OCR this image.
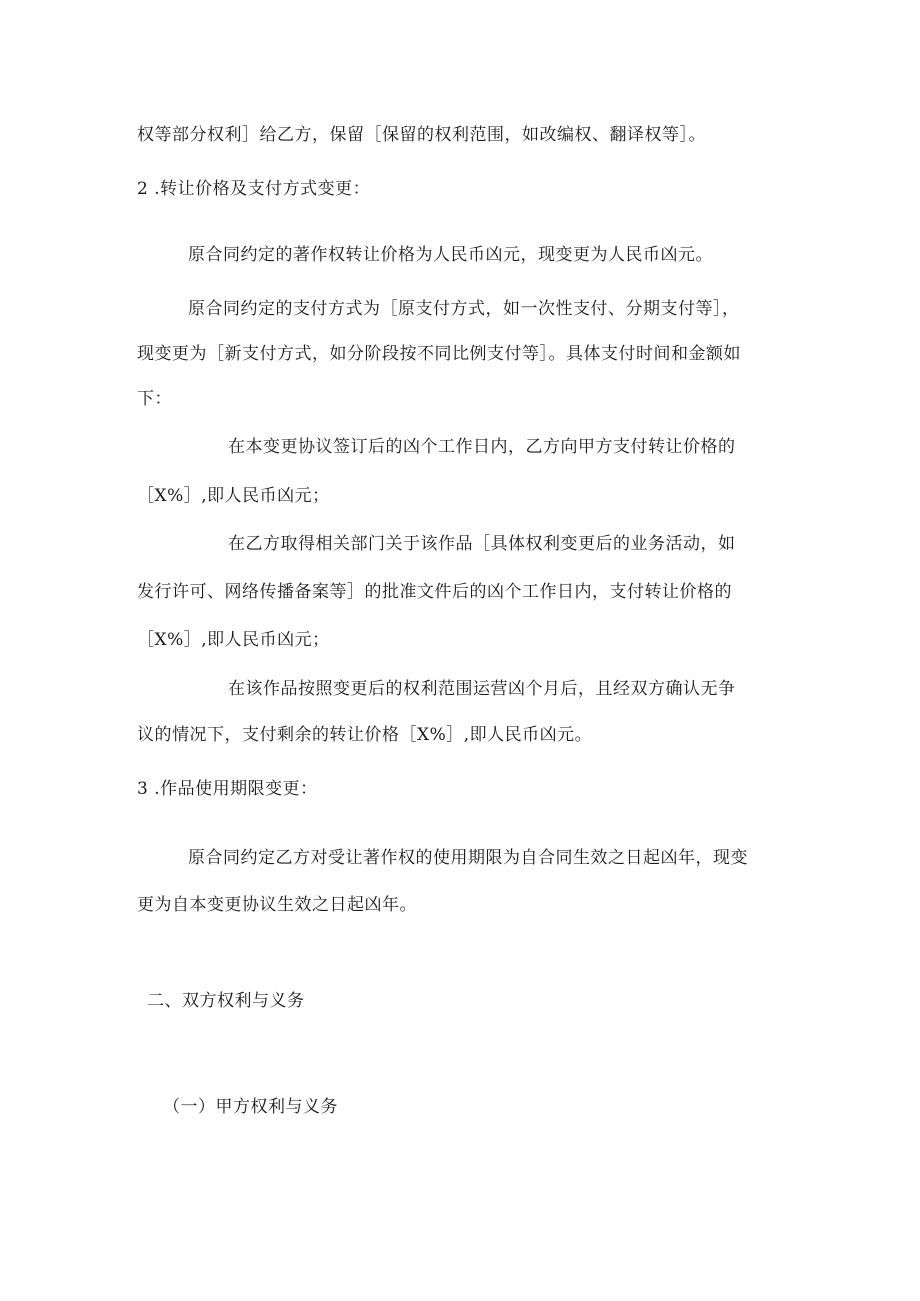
权等部分权利］给乙方，保留［保留的权利范围，如改编权、翻译权等］。
2 .转让价格及支付方式变更：
原合同约定的著作权转让价格为人民币凶元，现变更为人民币凶元。
原合同约定的支付方式为［原支付方式，如一次性支付、分期支付等］，
现变更为［新支付方式，如分阶段按不同比例支付等］。具体支付时间和金额如
下：
在本变更协议签订后的凶个工作日内，乙方向甲方支付转让价格的
［X%］,即人民币凶元；
在乙方取得相关部门关于该作品［具体权利变更后的业务活动，如
发行许可、网络传播备案等］的批准文件后的凶个工作日内，支付转让价格的
［X%］,即人民币凶元；
在该作品按照变更后的权利范围运营凶个月后，且经双方确认无争
议的情况下，支付剩余的转让价格［X%］,即人民币凶元。
3 .作品使用期限变更：
原合同约定乙方对受让著作权的使用期限为自合同生效之日起凶年，现变
更为自本变更协议生效之日起凶年。
二、双方权利与义务
（一）甲方权利与义务
